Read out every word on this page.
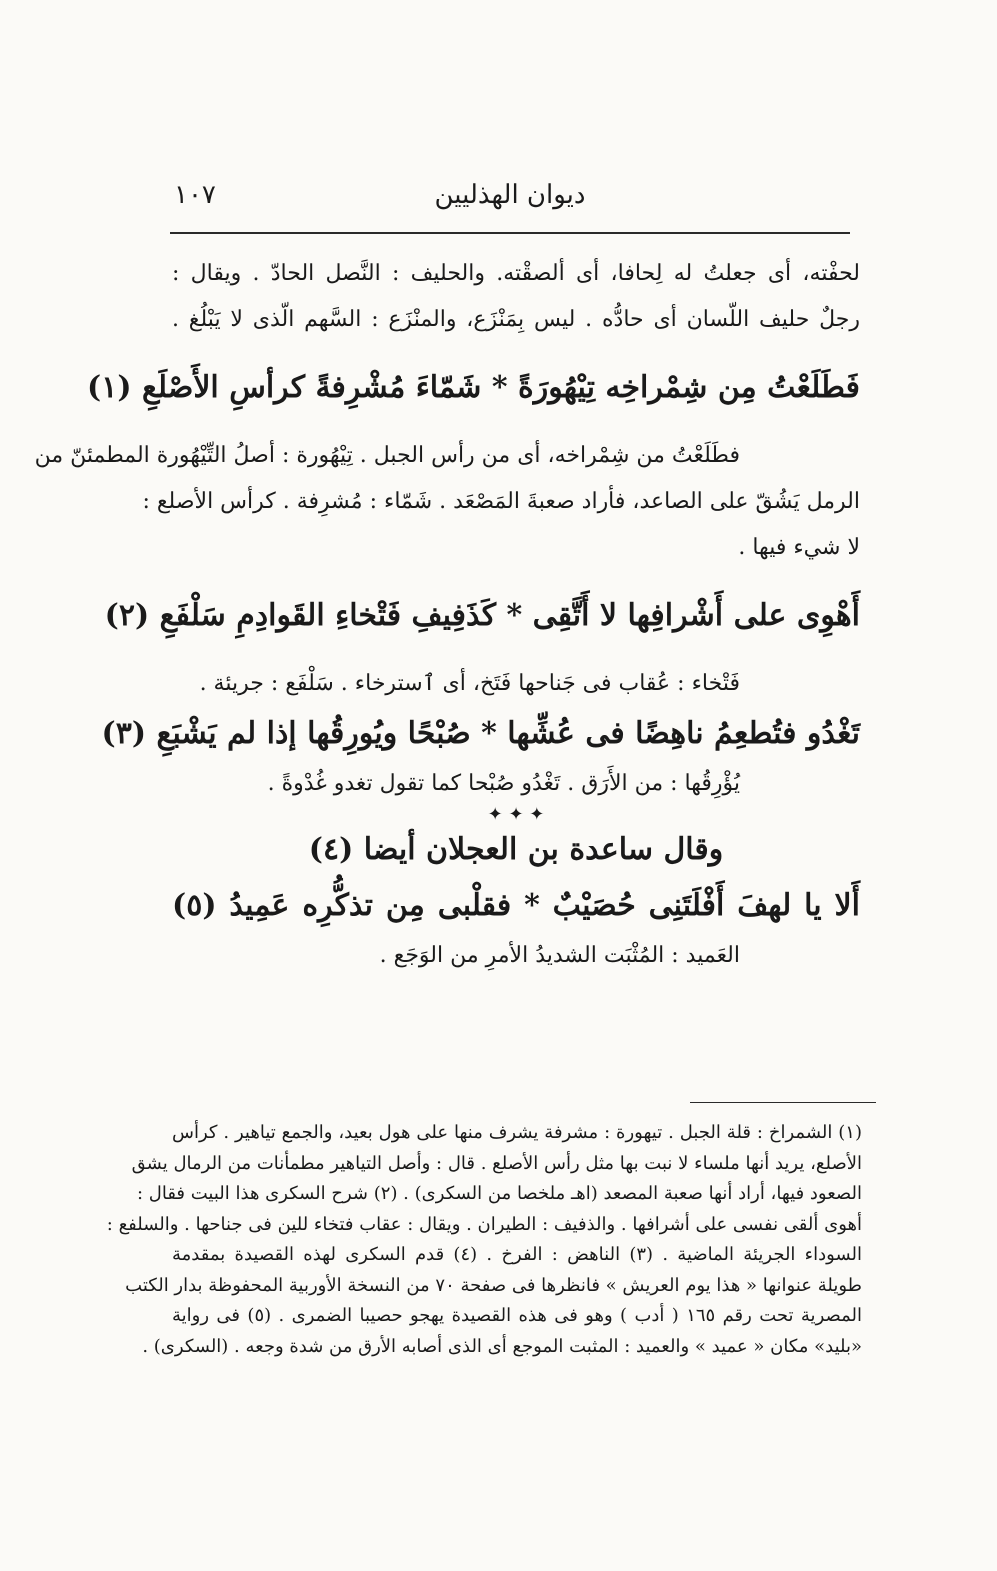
ديوان الهذليين
١٠٧
لحفْته، أى جعلتُ له لِحافا، أى ألصقْته. والحليف : النَّصل الحادّ . ويقال :
رجلٌ حليف اللّسان أى حادُّه . ليس بِمَنْزَع، والمنْزَع : السَّهم الّذى لا يَبْلُغ .
فَطَلَعْتُ مِن شِمْراخِه تِيْهُورَةً * شَمّاءَ مُشْرِفةً كرأسِ الأَصْلَعِ (١)
فطَلَعْتُ من شِمْراخه، أى من رأس الجبل . تِيْهُورة : أصلُ التِّيْهُورة المطمئنّ من
الرمل يَشُقّ على الصاعد، فأراد صعبةَ المَصْعَد . شَمّاء : مُشرِفة . كرأس الأصلع :
لا شيء فيها .
أَهْوِى على أَشْرافِها لا أَتَّقِى * كَذَفِيفِ فَتْخاءِ القَوادِمِ سَلْفَعِ (٢)
فَتْخاء : عُقاب فى جَناحها فَتَخ، أى ٱسترخاء . سَلْفَع : جريئة .
تَغْدُو فتُطعِمُ ناهِضًا فى عُشِّها * صُبْحًا ويُورِقُها إذا لم يَشْبَعِ (٣)
يُؤْرِقُها : من الأَرَق . تَغْدُو صُبْحا كما تقول تغدو غُدْوةً .
✦ ✦ ✦
وقال ساعدة بن العجلان أيضا (٤)
أَلا يا لهفَ أَفْلَتَنِى حُصَيْبٌ * فقلْبى مِن تذكُّرِه عَمِيدُ (٥)
العَميد : المُثْبَت الشديدُ الأمرِ من الوَجَع .
(١) الشمراخ : قلة الجبل . تيهورة : مشرفة يشرف منها على هول بعيد، والجمع تياهير . كرأس
الأصلع، يريد أنها ملساء لا نبت بها مثل رأس الأصلع . قال : وأصل التياهير مطمأنات من الرمال يشق
الصعود فيها، أراد أنها صعبة المصعد (اهـ ملخصا من السكرى) . (٢) شرح السكرى هذا البيت فقال :
أهوى ألقى نفسى على أشرافها . والذفيف : الطيران . ويقال : عقاب فتخاء للين فى جناحها . والسلفع :
السوداء الجريئة الماضية . (٣) الناهض : الفرخ . (٤) قدم السكرى لهذه القصيدة بمقدمة
طويلة عنوانها « هذا يوم العريش » فانظرها فى صفحة ٧٠ من النسخة الأوربية المحفوظة بدار الكتب
المصرية تحت رقم ١٦٥ ( أدب ) وهو فى هذه القصيدة يهجو حصيبا الضمرى . (٥) فى رواية
«بليد» مكان « عميد » والعميد : المثبت الموجع أى الذى أصابه الأرق من شدة وجعه . (السكرى) .
